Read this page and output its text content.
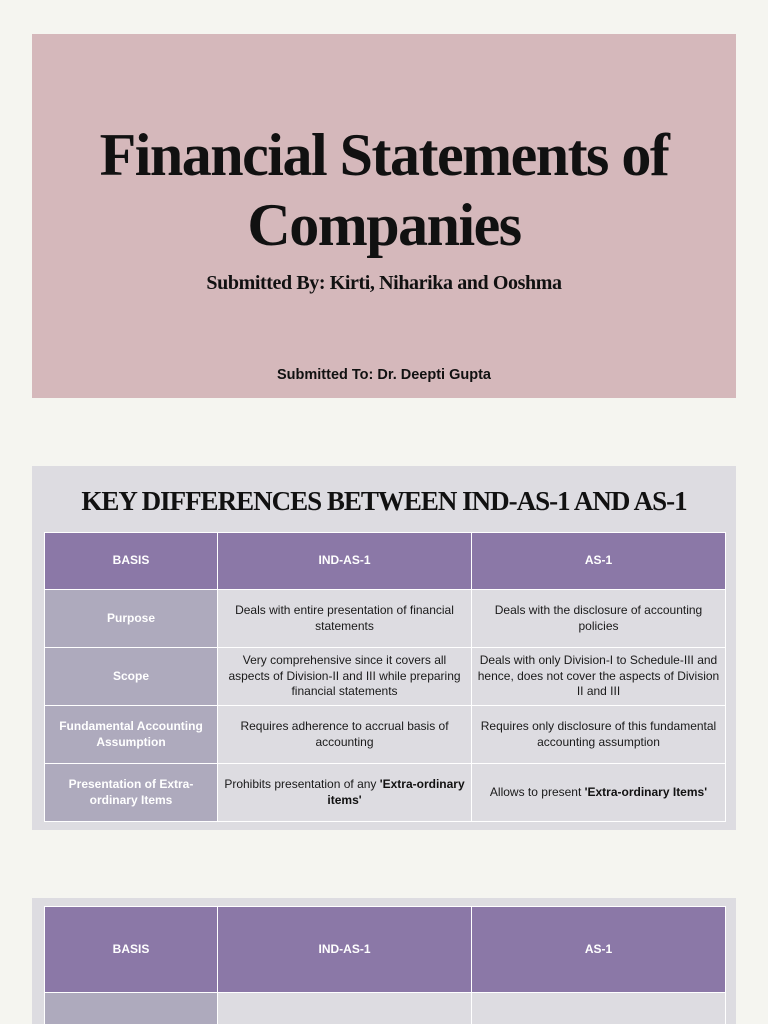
Financial Statements of Companies
Submitted By: Kirti, Niharika and Ooshma
Submitted To: Dr. Deepti Gupta
KEY DIFFERENCES BETWEEN IND-AS-1 AND AS-1
BASIS	IND-AS-1	AS-1
Purpose	Deals with entire presentation of financial statements	Deals with the disclosure of accounting policies
Scope	Very comprehensive since it covers all aspects of Division-II and III while preparing financial statements	Deals with only Division-I to Schedule-III and hence, does not cover the aspects of Division II and III
Fundamental Accounting Assumption	Requires adherence to accrual basis of accounting	Requires only disclosure of this fundamental accounting assumption
Presentation of Extra-ordinary Items	Prohibits presentation of any 'Extra-ordinary items'	Allows to present 'Extra-ordinary Items'
BASIS	IND-AS-1	AS-1
